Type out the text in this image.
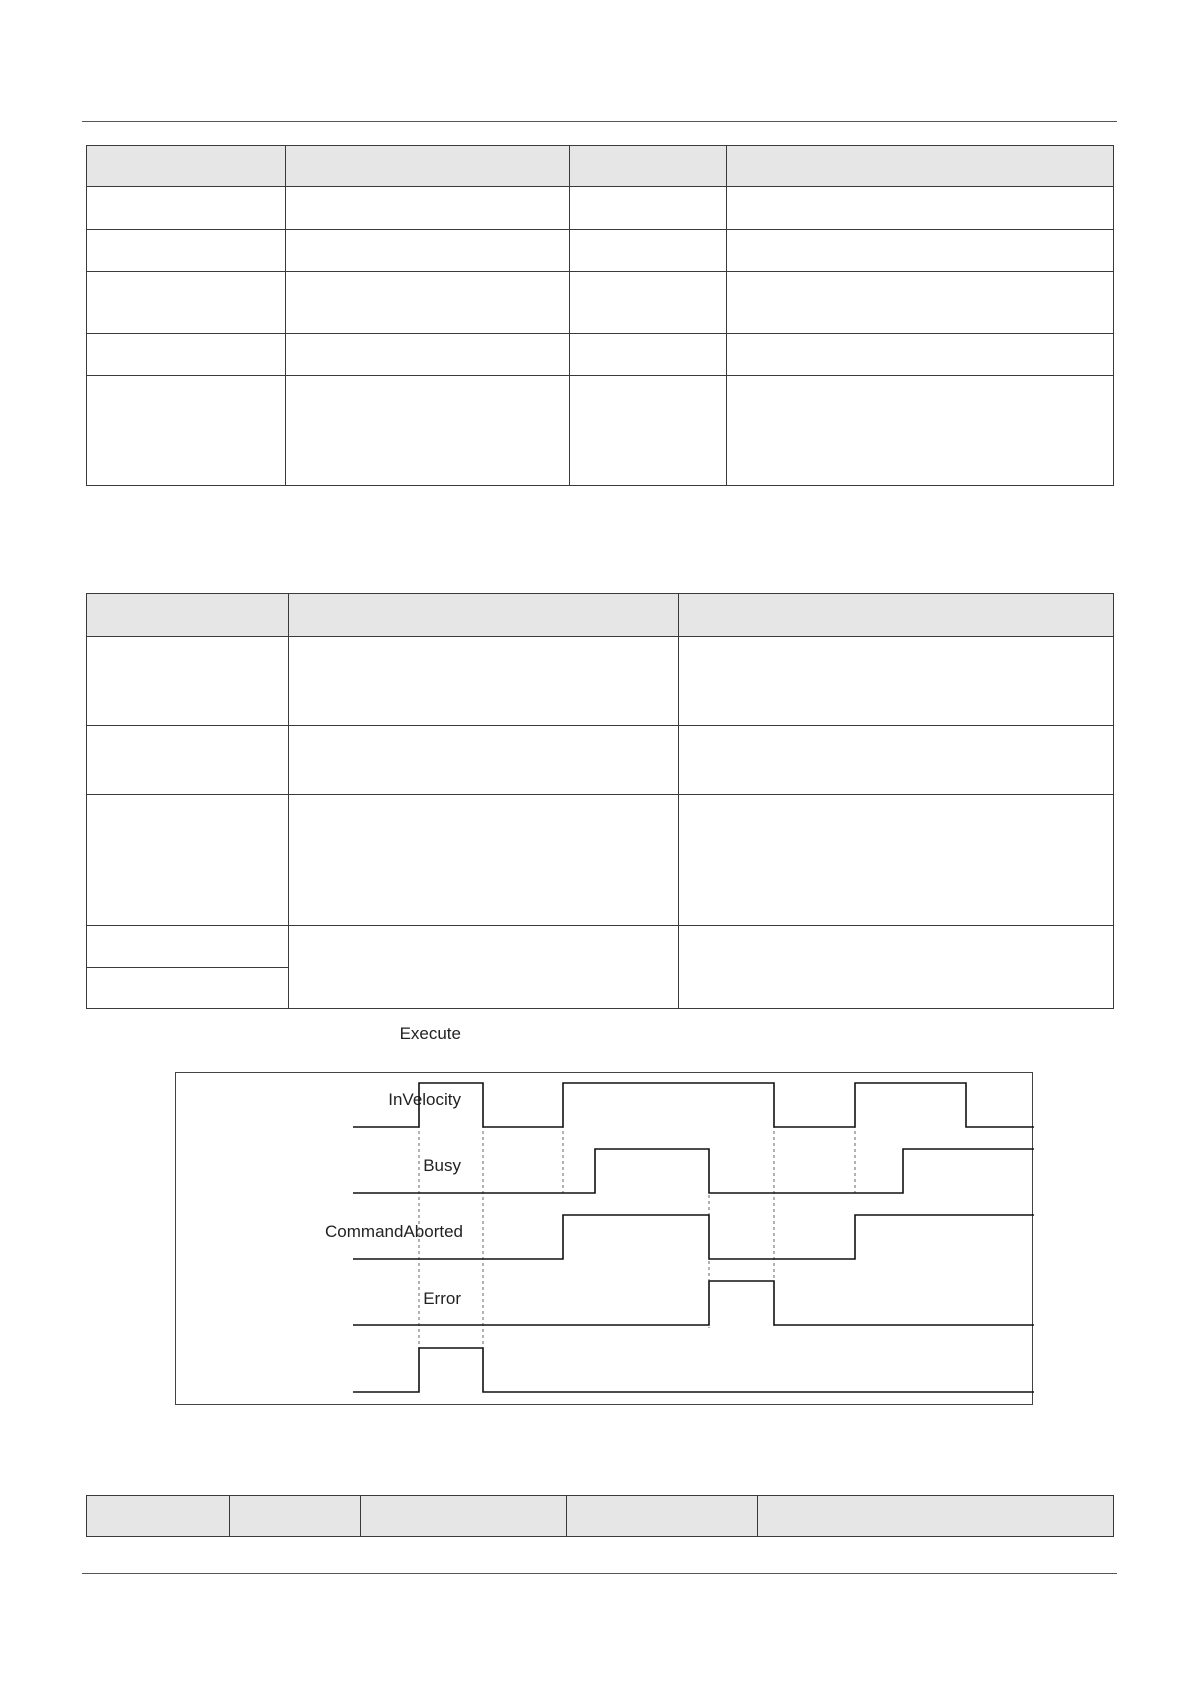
Execute
InVelocity
Busy
CommandAborted
Error
